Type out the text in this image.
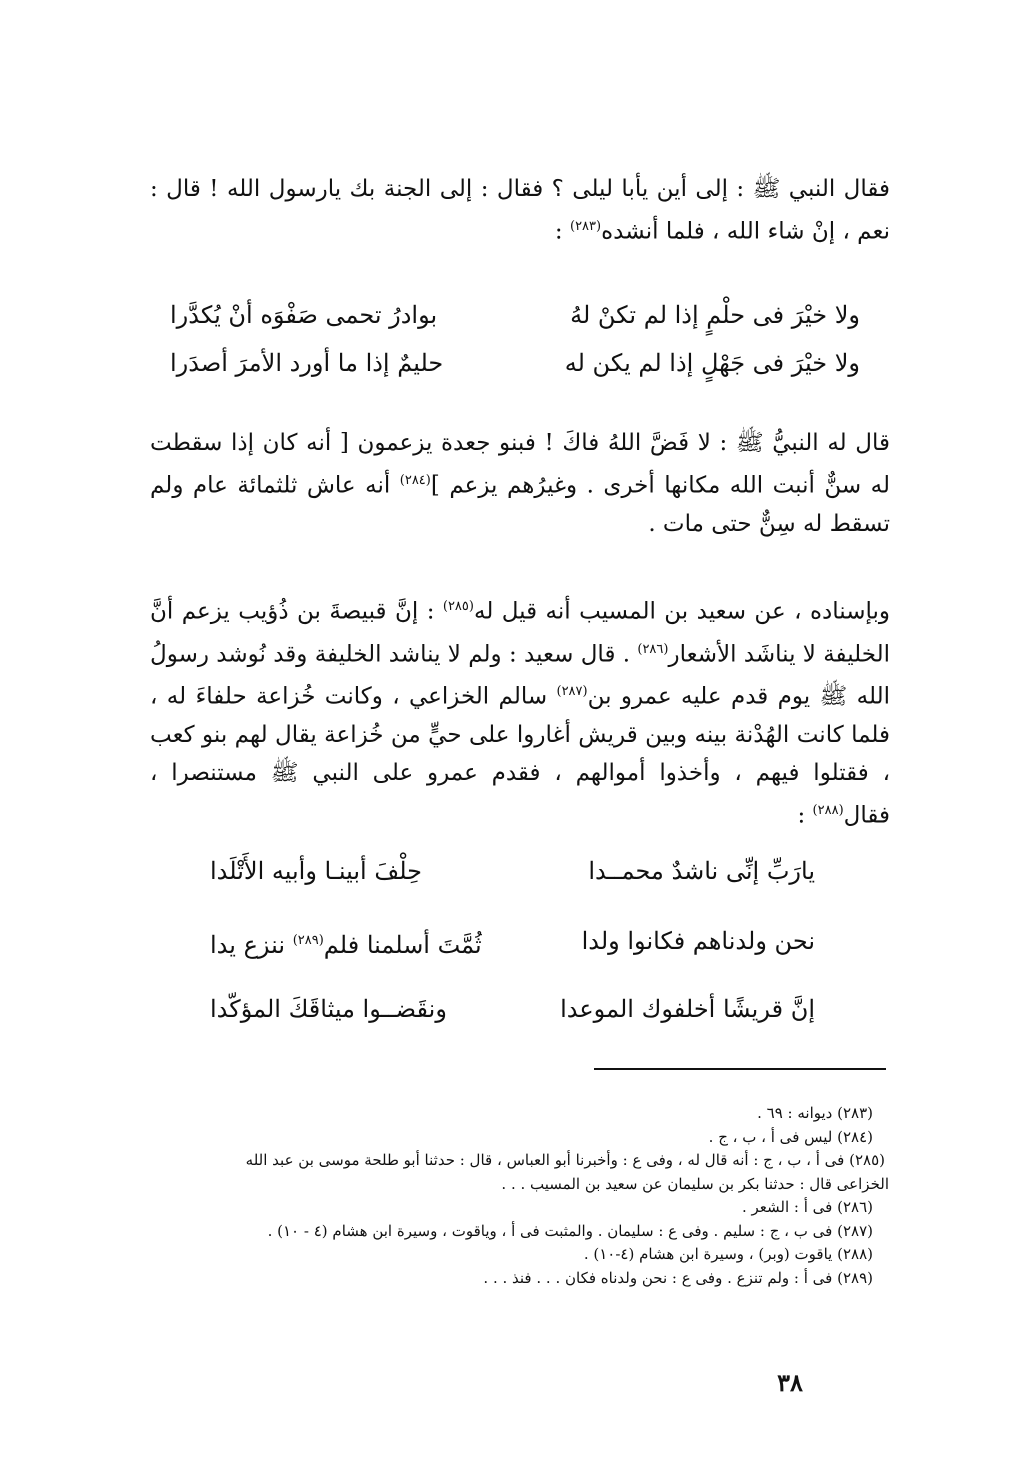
فقال النبي ﷺ : إلى أين يأبا ليلى ؟ فقال : إلى الجنة بك يارسول الله ! قال : نعم ، إنْ شاء الله ، فلما أنشده$^{(٢٨٣)}$ :
ولا خيْرَ فى حلْمٍ إذا لم تكنْ لهُ
بوادرُ تحمى صَفْوَه أنْ يُكدَّرا
ولا خيْرَ فى جَهْلٍ إذا لم يكن له
حليمٌ إذا ما أورد الأمرَ أصدَرا
قال له النبيُّ ﷺ : لا فَضَّ اللهُ فاكَ ! فبنو جعدة يزعمون [ أنه كان إذا سقطت له سنٌّ أنبت الله مكانها أخرى . وغيرُهم يزعم ]$^{(٢٨٤)}$ أنه عاش ثلثمائة عام ولم تسقط له سِنٌّ حتى مات .
وبإسناده ، عن سعيد بن المسيب أنه قيل له$^{(٢٨٥)}$ : إنَّ قبيصةَ بن ذُؤيب يزعم أنَّ الخليفة لا يناشَد الأشعار$^{(٢٨٦)}$ . قال سعيد : ولم لا يناشد الخليفة وقد نُوشد رسولُ الله ﷺ يوم قدم عليه عمرو بن$^{(٢٨٧)}$ سالم الخزاعي ، وكانت خُزاعة حلفاءَ له ، فلما كانت الهُدْنة بينه وبين قريش أغاروا على حيٍّ من خُزاعة يقال لهم بنو كعب ، فقتلوا فيهم ، وأخذوا أموالهم ، فقدم عمرو على النبي ﷺ مستنصرا ، فقال$^{(٢٨٨)}$ :
يارَبِّ إنِّى ناشدٌ محمــدا
حِلْفَ أبينـا وأبيه الأَتْلَدا
نحن ولدناهم فكانوا ولدا
ثُمَّتَ أسلمنا فلم$^{(٢٨٩)}$ ننزع يدا
إنَّ قريشًا أخلفوك الموعدا
ونقَضــوا ميثاقَكَ المؤكّدا
(٢٨٣) ديوانه : ٦٩ .
(٢٨٤) ليس فى أ ، ب ، ج .
(٢٨٥) فى أ ، ب ، ج : أنه قال له ، وفى ع : وأخبرنا أبو العباس ، قال : حدثنا أبو طلحة موسى بن عبد الله
الخزاعى قال : حدثنا بكر بن سليمان عن سعيد بن المسيب . . .
(٢٨٦) فى أ : الشعر .
(٢٨٧) فى ب ، ج : سليم . وفى ع : سليمان . والمثبت فى أ ، وياقوت ، وسيرة ابن هشام (٤ - ١٠) .
(٢٨٨) ياقوت (وبر) ، وسيرة ابن هشام (٤-١٠) .
(٢٨٩) فى أ : ولم تنزع . وفى ع : نحن ولدناه فكان . . . فنذ . . .
٣٨
